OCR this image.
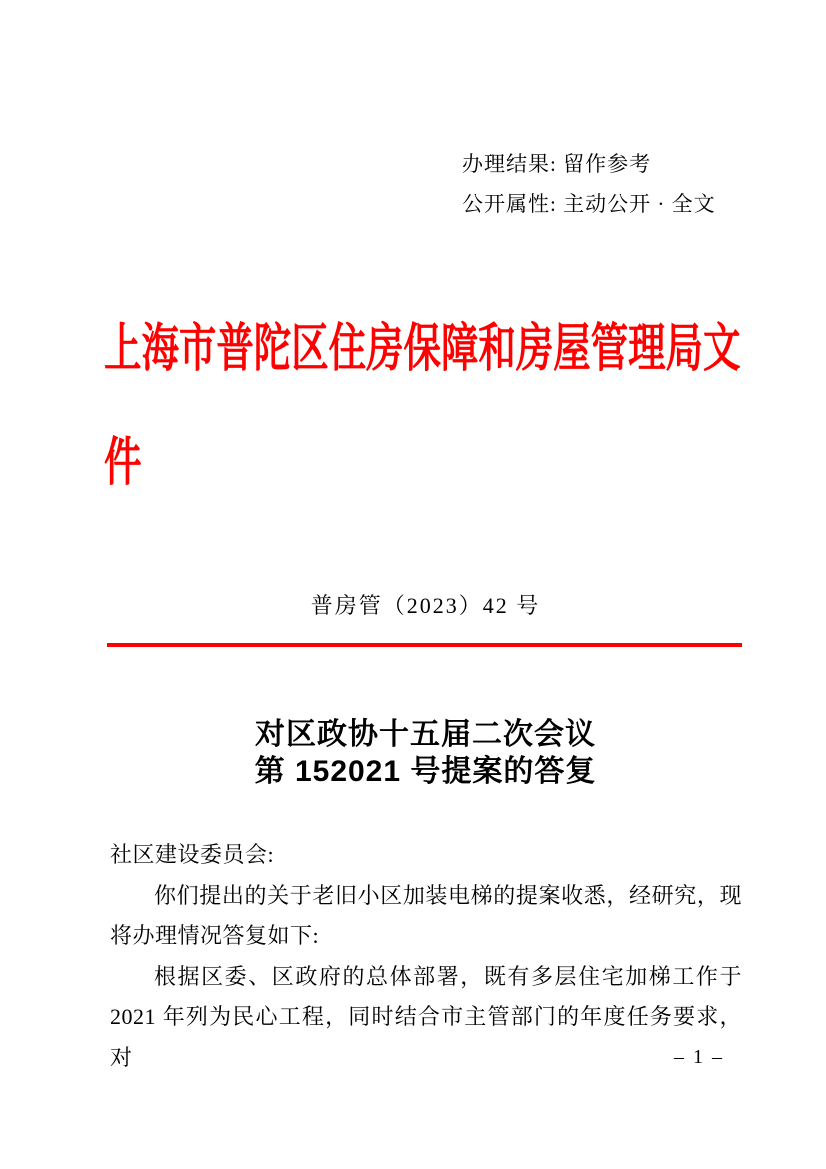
办理结果: 留作参考
公开属性: 主动公开 · 全文
上海市普陀区住房保障和房屋管理局文
件
普房管（2023）42 号
对区政协十五届二次会议
第 152021 号提案的答复
社区建设委员会:
你们提出的关于老旧小区加装电梯的提案收悉，经研究，现
将办理情况答复如下:
根据区委、区政府的总体部署，既有多层住宅加梯工作于
2021 年列为民心工程，同时结合市主管部门的年度任务要求，对	– 1 –
